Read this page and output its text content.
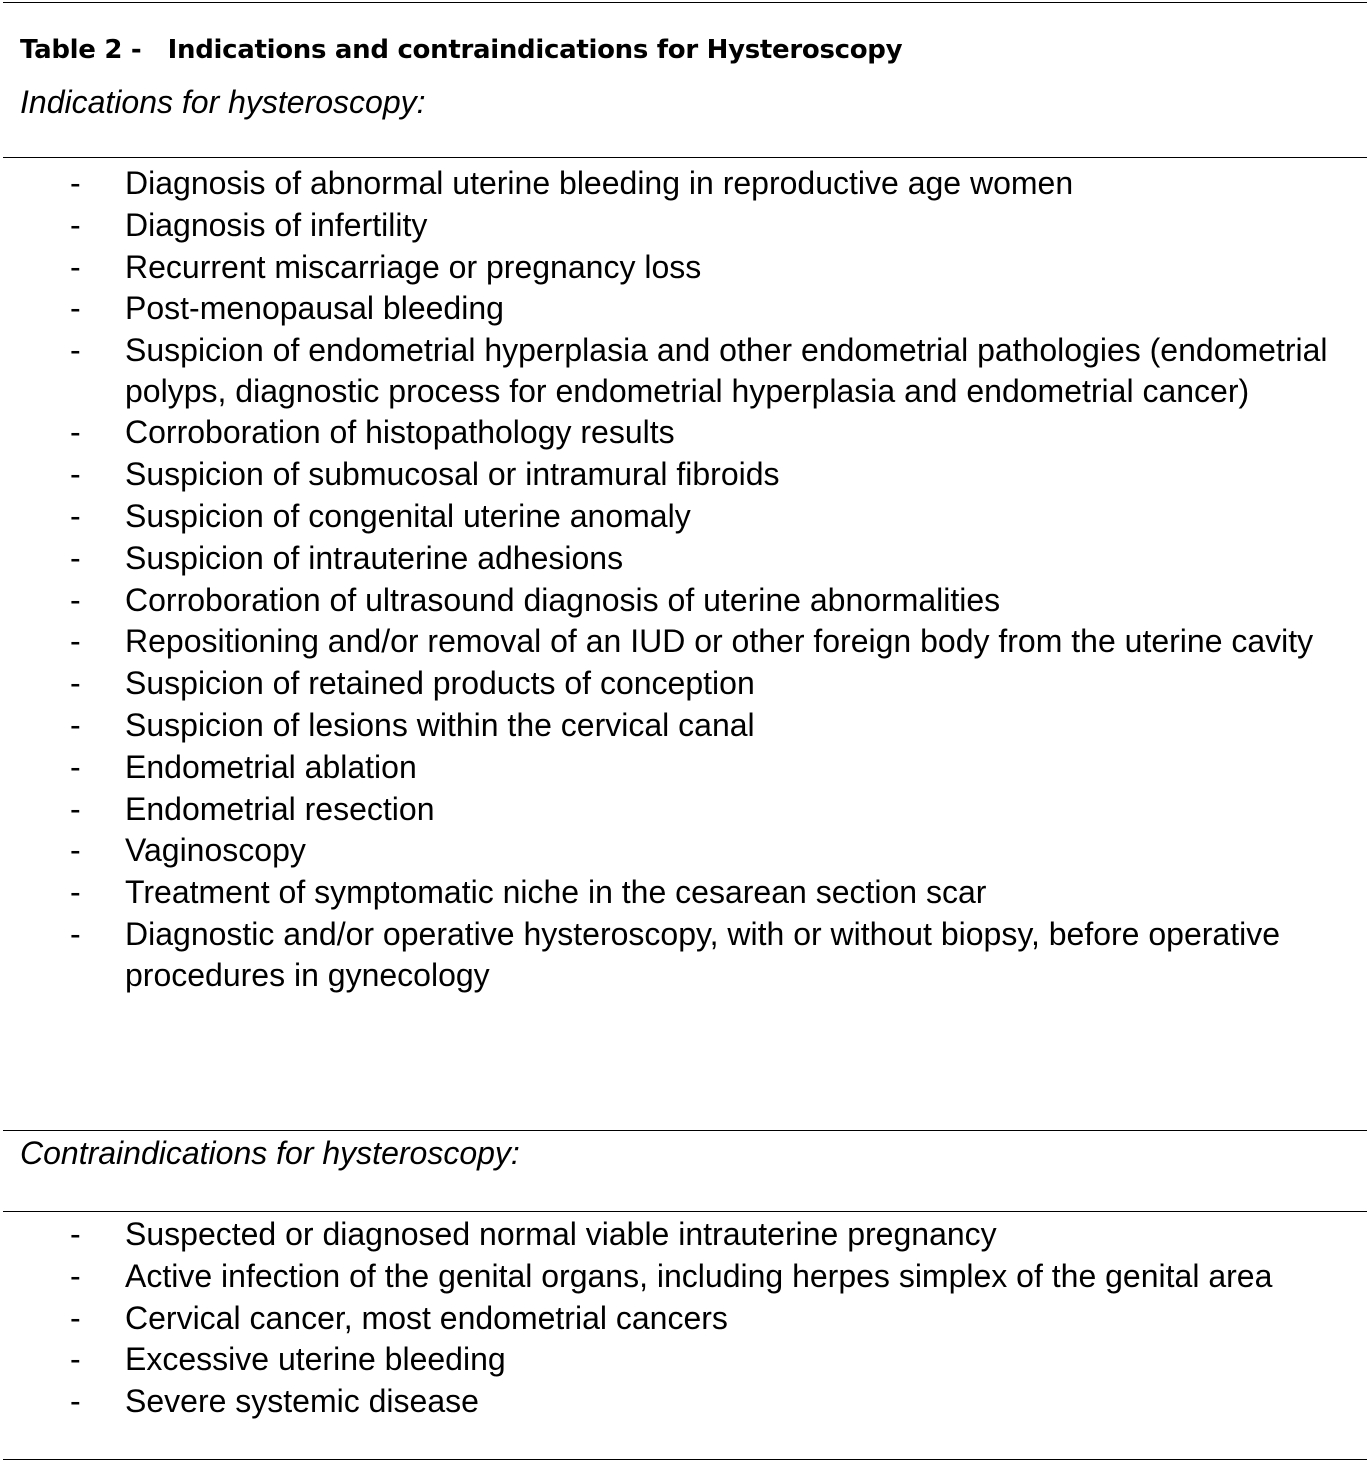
Table 2 -   Indications and contraindications for Hysteroscopy
Indications for hysteroscopy:
- Diagnosis of abnormal uterine bleeding in reproductive age women
- Diagnosis of infertility
- Recurrent miscarriage or pregnancy loss
- Post-menopausal bleeding
- Suspicion of endometrial hyperplasia and other endometrial pathologies (endometrial polyps, diagnostic process for endometrial hyperplasia and endometrial cancer)
- Corroboration of histopathology results
- Suspicion of submucosal or intramural fibroids
- Suspicion of congenital uterine anomaly
- Suspicion of intrauterine adhesions
- Corroboration of ultrasound diagnosis of uterine abnormalities
- Repositioning and/or removal of an IUD or other foreign body from the uterine cavity
- Suspicion of retained products of conception
- Suspicion of lesions within the cervical canal
- Endometrial ablation
- Endometrial resection
- Vaginoscopy
- Treatment of symptomatic niche in the cesarean section scar
- Diagnostic and/or operative hysteroscopy, with or without biopsy, before operative procedures in gynecology
Contraindications for hysteroscopy:
- Suspected or diagnosed normal viable intrauterine pregnancy
- Active infection of the genital organs, including herpes simplex of the genital area
- Cervical cancer, most endometrial cancers
- Excessive uterine bleeding
- Severe systemic disease
